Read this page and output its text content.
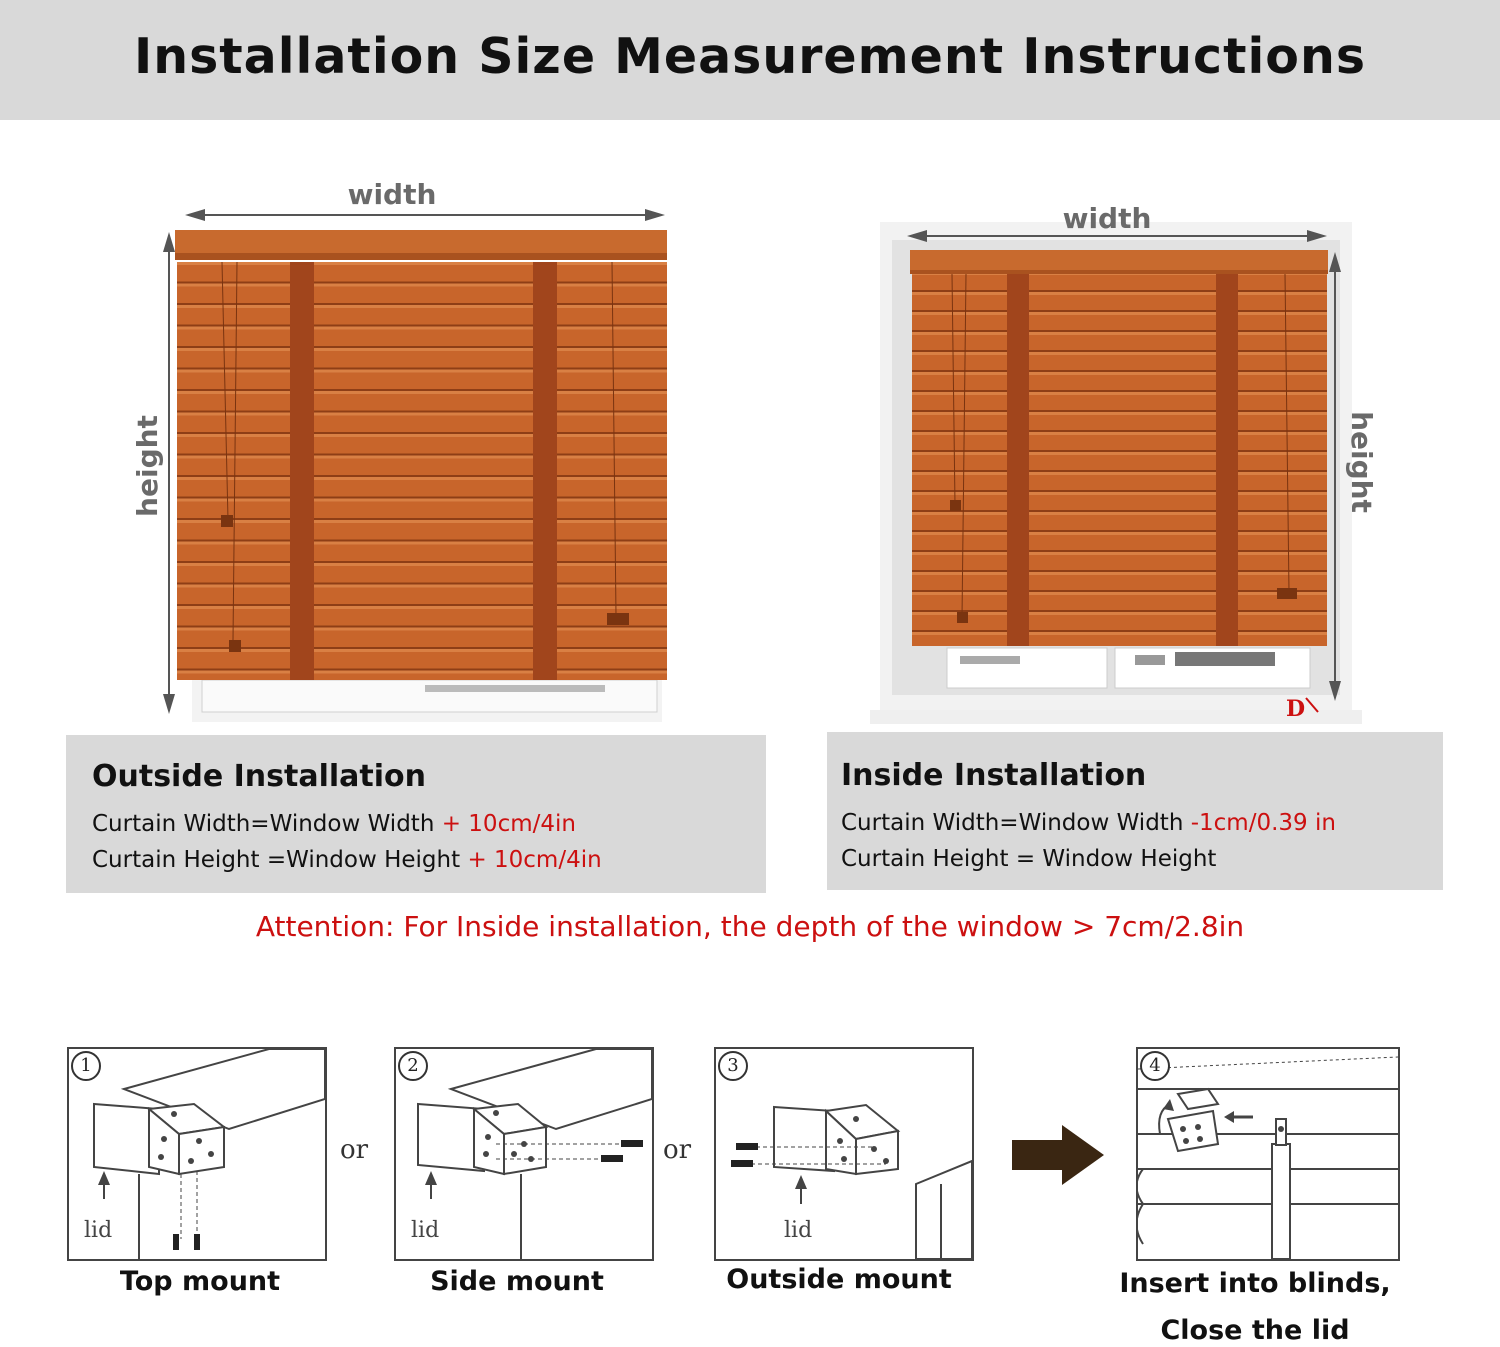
Installation Size Measurement Instructions
width
height
width
height
D
Outside Installation
Curtain Width=Window Width + 10cm/4in
Curtain Height =Window Height + 10cm/4in
Inside Installation
Curtain Width=Window Width -1cm/0.39 in
Curtain Height = Window Height
Attention: For Inside installation, the depth of the window > 7cm/2.8in
lid
1
Top mount
or
lid
2
Side mount
or
lid
3
Outside mount
4
Insert into blinds,
Close the lid
